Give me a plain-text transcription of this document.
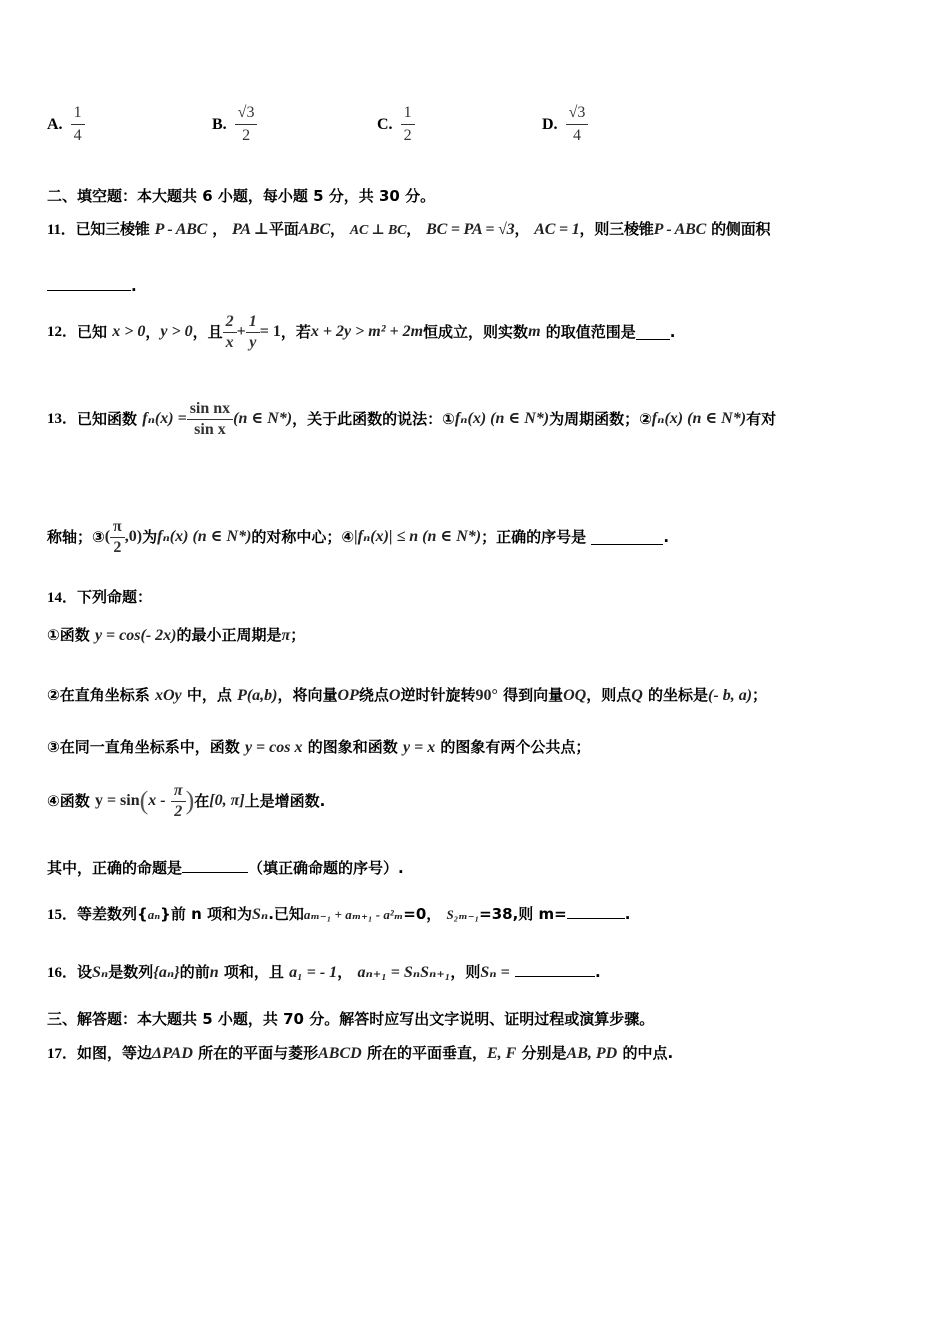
A. $\frac{1}{4}$	B. $\frac{√3}{2}$	C. $\frac{1}{2}$	D. $\frac{√3}{4}$
二、填空题：本大题共 6 小题，每小题 5 分，共 30 分。
11．已知三棱锥 P - ABC ， PA ⊥平面ABC， AC ⊥ BC， BC = PA = √3， AC = 1，则三棱锥P - ABC 的侧面积
.
12． 已知
x > 0 ， y > 0 ，且 $\frac{2}{x} + \frac{1}{y} = 1$ ，若 x + 2y > m² + 2m 恒成立，则实数 m
的取值范围是 .
13． 已知函数
$f_n(x) = \frac{\text{sin nx}}{\text{sin x}} (n$ ∈ N*) ，关于此函数的说法：① fₙ(x) (n ∈ N*) 为周期函数；② fₙ(x) (n ∈ N*) 有对
称轴；③ ( $\frac{\pi}{2} ,0$) 为 fₙ(x) (n ∈ N*) 的对称中心；④ |fₙ(x)| ≤ n (n ∈ N*) ；正确的序号是
	.
14．下列命题：
①函数 y = cos(- 2x)的最小正周期是π；
②在直角坐标系 xOy 中，点 P(a,b)，将向量OP绕点O逆时针旋转90° 得到向量OQ，则点Q 的坐标是(- b, a)；
③在同一直角坐标系中，函数 y = cos x 的图象和函数 y = x 的图象有两个公共点；
④函数
y = sin ( x -
$\frac{\pi}{2}$ ) 在 [0, π] 上是增函数.
其中，正确的命题是	（填正确命题的序号）.
15．等差数列{aₙ}前 n 项和为Sₙ.已知aₘ₋₁ + aₘ₊₁ - a²ₘ=0， S₂ₘ₋₁=38,则 m=	.
16．设Sₙ是数列{aₙ}的前n 项和，且 a₁ = - 1， aₙ₊₁ = SₙSₙ₊₁，则Sₙ =	.
三、解答题：本大题共 5 小题，共 70 分。解答时应写出文字说明、证明过程或演算步骤。
17．如图，等边ΔPAD 所在的平面与菱形ABCD 所在的平面垂直，E, F 分别是AB, PD 的中点.
